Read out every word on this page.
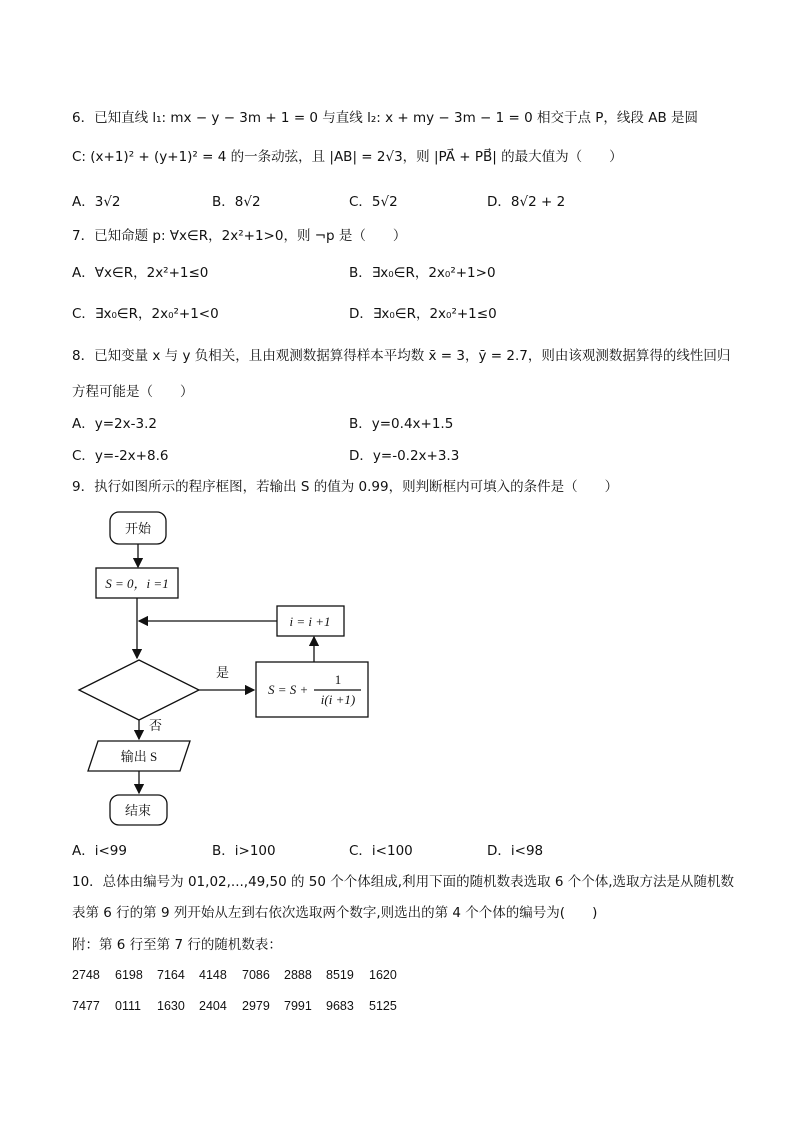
6．已知直线 l₁: mx − y − 3m + 1 = 0 与直线 l₂: x + my − 3m − 1 = 0 相交于点 P，线段 AB 是圆
C: (x+1)² + (y+1)² = 4 的一条动弦，且 |AB| = 2√3，则 |PA⃗ + PB⃗| 的最大值为（　　）
A．3√2	B．8√2	C．5√2	D．8√2 + 2
7．已知命题 p: ∀x∈R，2x²+1>0，则 ¬p 是（　　）
A．∀x∈R，2x²+1≤0	B．∃x₀∈R，2x₀²+1>0
C．∃x₀∈R，2x₀²+1<0	D．∃x₀∈R，2x₀²+1≤0
8．已知变量 x 与 y 负相关，且由观测数据算得样本平均数 x̄ = 3，ȳ = 2.7，则由该观测数据算得的线性回归
方程可能是（　　）
A．y=2x-3.2	B．y=0.4x+1.5
C．y=-2x+8.6	D．y=-0.2x+3.3
9．执行如图所示的程序框图，若输出 S 的值为 0.99，则判断框内可填入的条件是（　　）
开始
S = 0，i =1
i = i +1
是
否
S = S +
1
i(i +1)
输出 S
结束
A．i<99	B．i>100	C．i<100	D．i<98
10．总体由编号为 01,02,...,49,50 的 50 个个体组成,利用下面的随机数表选取 6 个个体,选取方法是从随机数
表第 6 行的第 9 列开始从左到右依次选取两个数字,则选出的第 4 个个体的编号为(　　)
附：第 6 行至第 7 行的随机数表：
2748 6198 7164 4148 7086 2888 8519 1620
7477 0111 1630 2404 2979 7991 9683 5125
